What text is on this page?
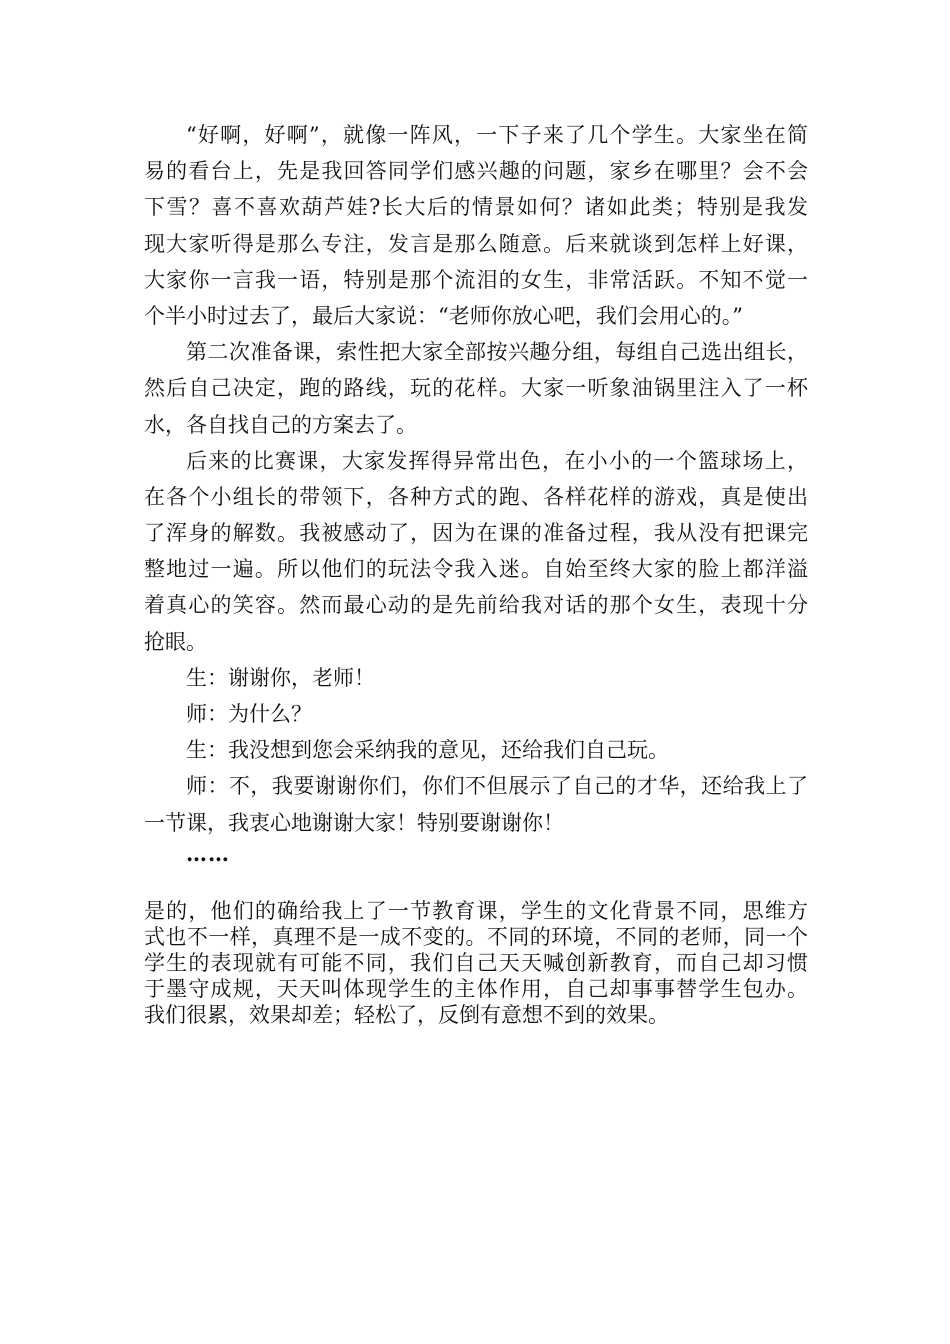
“好啊，好啊”，就像一阵风，一下子来了几个学生。大家坐在简
易的看台上，先是我回答同学们感兴趣的问题，家乡在哪里？会不会
下雪？喜不喜欢葫芦娃?长大后的情景如何？诸如此类；特别是我发
现大家听得是那么专注，发言是那么随意。后来就谈到怎样上好课，
大家你一言我一语，特别是那个流泪的女生，非常活跃。不知不觉一
个半小时过去了，最后大家说：“老师你放心吧，我们会用心的。”
第二次准备课，索性把大家全部按兴趣分组，每组自己选出组长，
然后自己决定，跑的路线，玩的花样。大家一听象油锅里注入了一杯
水，各自找自己的方案去了。
后来的比赛课，大家发挥得异常出色，在小小的一个篮球场上，
在各个小组长的带领下，各种方式的跑、各样花样的游戏，真是使出
了浑身的解数。我被感动了，因为在课的准备过程，我从没有把课完
整地过一遍。所以他们的玩法令我入迷。自始至终大家的脸上都洋溢
着真心的笑容。然而最心动的是先前给我对话的那个女生，表现十分
抢眼。
生：谢谢你，老师！
师：为什么？
生：我没想到您会采纳我的意见，还给我们自己玩。
师：不，我要谢谢你们，你们不但展示了自己的才华，还给我上了
一节课，我衷心地谢谢大家！特别要谢谢你！
……
是的，他们的确给我上了一节教育课，学生的文化背景不同，思维方
式也不一样，真理不是一成不变的。不同的环境，不同的老师，同一个
学生的表现就有可能不同，我们自己天天喊创新教育，而自己却习惯
于墨守成规，天天叫体现学生的主体作用，自己却事事替学生包办。
我们很累，效果却差；轻松了，反倒有意想不到的效果。
